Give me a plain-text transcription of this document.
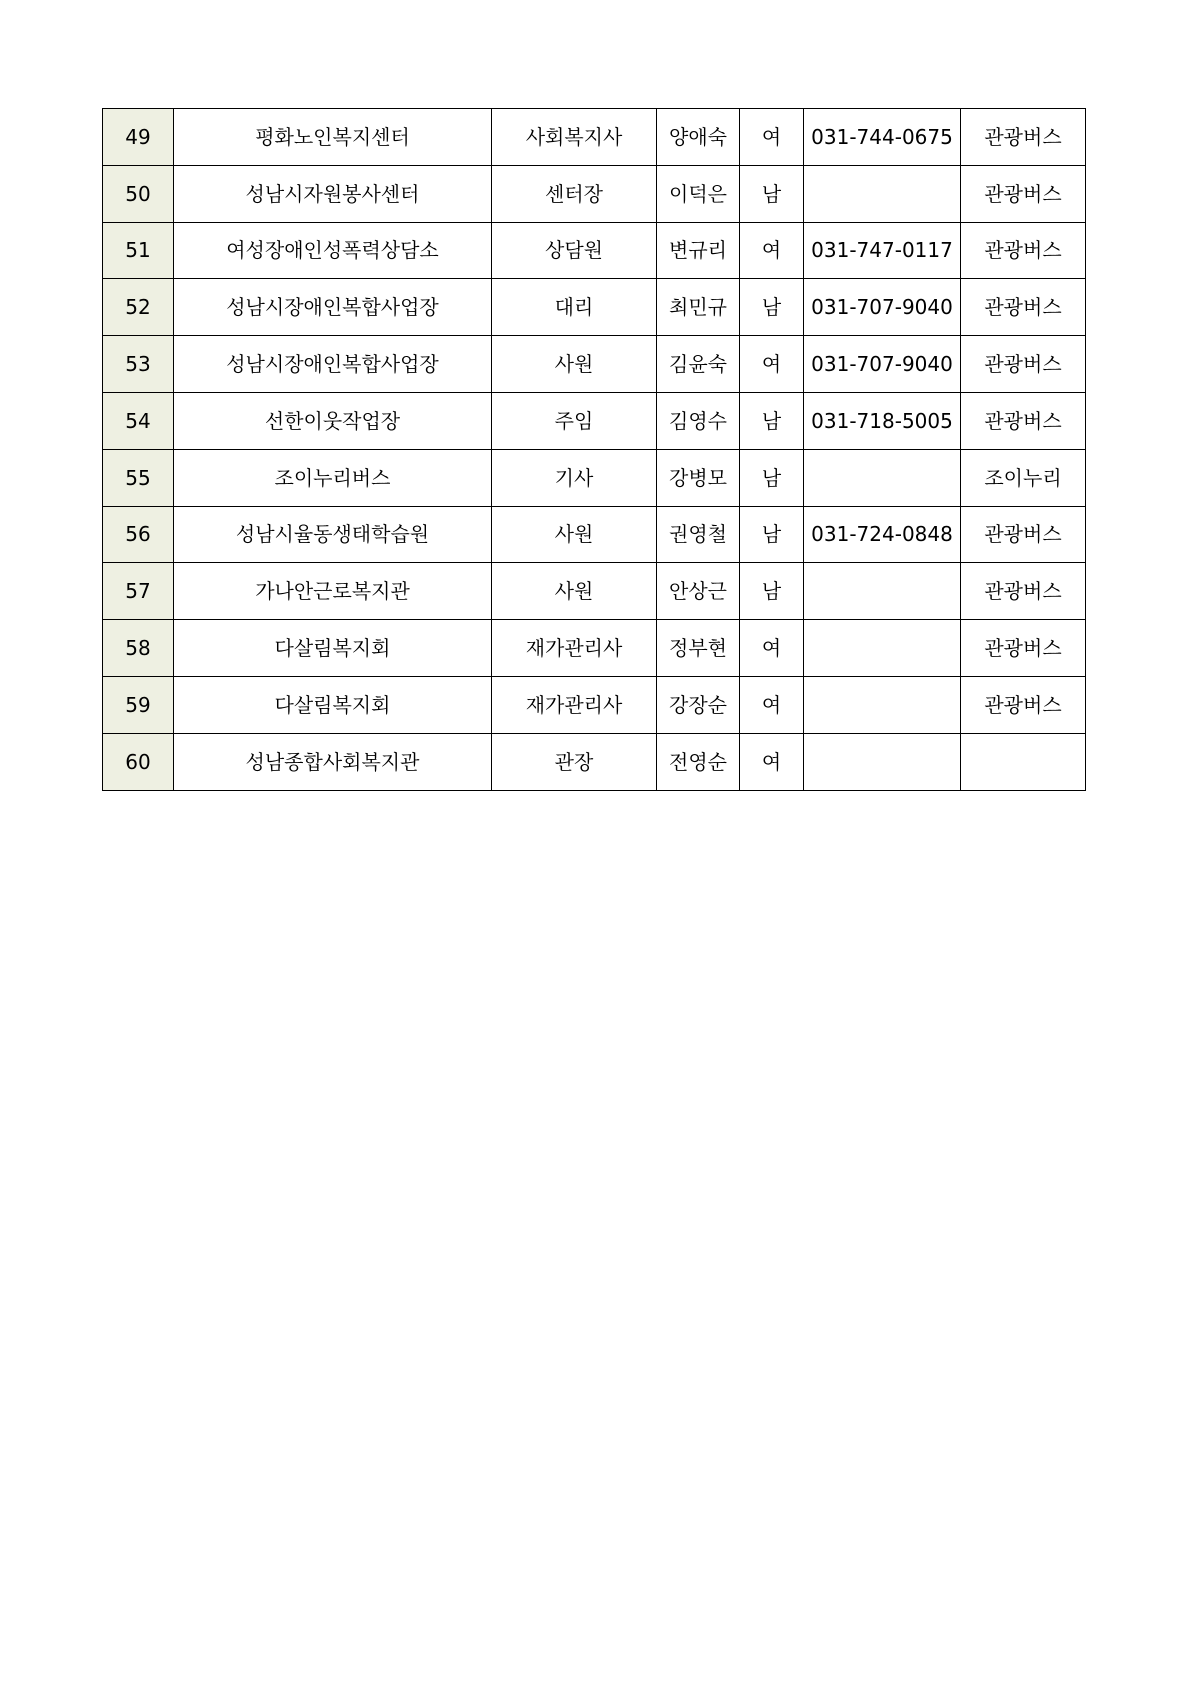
49	평화노인복지센터	사회복지사	양애숙	여	031-744-0675	관광버스
50	성남시자원봉사센터	센터장	이덕은	남		관광버스
51	여성장애인성폭력상담소	상담원	변규리	여	031-747-0117	관광버스
52	성남시장애인복합사업장	대리	최민규	남	031-707-9040	관광버스
53	성남시장애인복합사업장	사원	김윤숙	여	031-707-9040	관광버스
54	선한이웃작업장	주임	김영수	남	031-718-5005	관광버스
55	조이누리버스	기사	강병모	남		조이누리
56	성남시율동생태학습원	사원	권영철	남	031-724-0848	관광버스
57	가나안근로복지관	사원	안상근	남		관광버스
58	다살림복지회	재가관리사	정부현	여		관광버스
59	다살림복지회	재가관리사	강장순	여		관광버스
60	성남종합사회복지관	관장	전영순	여		
